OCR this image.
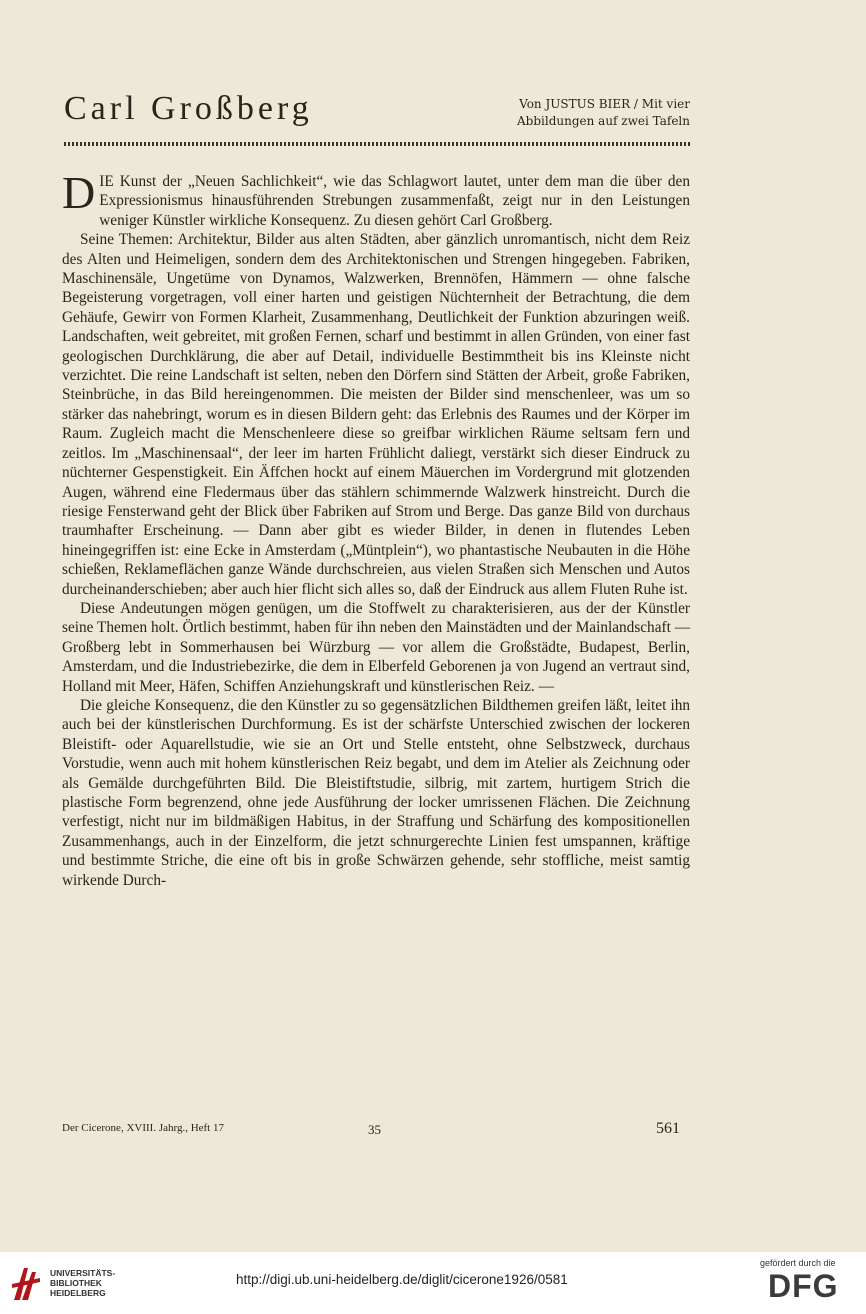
Carl Großberg	Von JUSTUS BIER / Mit vier
Abbildungen auf zwei Tafeln

DIE Kunst der „Neuen Sachlichkeit“, wie das Schlagwort lautet, unter dem man die über den Expressionismus hinausführenden Strebungen zusammenfaßt, zeigt nur in den Leistungen weniger Künstler wirkliche Konsequenz. Zu diesen gehört Carl Großberg.

Seine Themen: Architektur, Bilder aus alten Städten, aber gänzlich unromantisch, nicht dem Reiz des Alten und Heimeligen, sondern dem des Architektonischen und Strengen hingegeben. Fabriken, Maschinensäle, Ungetüme von Dynamos, Walzwerken, Brennöfen, Hämmern — ohne falsche Begeisterung vorgetragen, voll einer harten und geistigen Nüchternheit der Betrachtung, die dem Gehäufe, Gewirr von Formen Klarheit, Zusammenhang, Deutlichkeit der Funktion abzuringen weiß. Landschaften, weit gebreitet, mit großen Fernen, scharf und bestimmt in allen Gründen, von einer fast geologischen Durchklärung, die aber auf Detail, individuelle Bestimmtheit bis ins Kleinste nicht verzichtet. Die reine Landschaft ist selten, neben den Dörfern sind Stätten der Arbeit, große Fabriken, Steinbrüche, in das Bild hereingenommen. Die meisten der Bilder sind menschenleer, was um so stärker das nahebringt, worum es in diesen Bildern geht: das Erlebnis des Raumes und der Körper im Raum. Zugleich macht die Menschenleere diese so greifbar wirklichen Räume seltsam fern und zeitlos. Im „Maschinensaal“, der leer im harten Frühlicht daliegt, verstärkt sich dieser Eindruck zu nüchterner Gespenstigkeit. Ein Äffchen hockt auf einem Mäuerchen im Vordergrund mit glotzenden Augen, während eine Fledermaus über das stählern schimmernde Walzwerk hinstreicht. Durch die riesige Fensterwand geht der Blick über Fabriken auf Strom und Berge. Das ganze Bild von durchaus traumhafter Erscheinung. — Dann aber gibt es wieder Bilder, in denen in flutendes Leben hineingegriffen ist: eine Ecke in Amsterdam („Müntplein“), wo phantastische Neubauten in die Höhe schießen, Reklameflächen ganze Wände durchschreien, aus vielen Straßen sich Menschen und Autos durcheinanderschieben; aber auch hier flicht sich alles so, daß der Eindruck aus allem Fluten Ruhe ist.

Diese Andeutungen mögen genügen, um die Stoffwelt zu charakterisieren, aus der der Künstler seine Themen holt. Örtlich bestimmt, haben für ihn neben den Mainstädten und der Mainlandschaft — Großberg lebt in Sommerhausen bei Würzburg — vor allem die Großstädte, Budapest, Berlin, Amsterdam, und die Industriebezirke, die dem in Elberfeld Geborenen ja von Jugend an vertraut sind, Holland mit Meer, Häfen, Schiffen Anziehungskraft und künstlerischen Reiz. —

Die gleiche Konsequenz, die den Künstler zu so gegensätzlichen Bildthemen greifen läßt, leitet ihn auch bei der künstlerischen Durchformung. Es ist der schärfste Unterschied zwischen der lockeren Bleistift- oder Aquarellstudie, wie sie an Ort und Stelle entsteht, ohne Selbstzweck, durchaus Vorstudie, wenn auch mit hohem künstlerischen Reiz begabt, und dem im Atelier als Zeichnung oder als Gemälde durchgeführten Bild. Die Bleistiftstudie, silbrig, mit zartem, hurtigem Strich die plastische Form begrenzend, ohne jede Ausführung der locker umrissenen Flächen. Die Zeichnung verfestigt, nicht nur im bildmäßigen Habitus, in der Straffung und Schärfung des kompositionellen Zusammenhangs, auch in der Einzelform, die jetzt schnurgerechte Linien fest umspannen, kräftige und bestimmte Striche, die eine oft bis in große Schwärzen gehende, sehr stoffliche, meist samtig wirkende Durch-

Der Cicerone, XVIII. Jahrg., Heft 17	35	561
UNIVERSITÄTS-
BIBLIOTHEK
HEIDELBERG
http://digi.ub.uni-heidelberg.de/diglit/cicerone1926/0581
gefördert durch die
DFG
